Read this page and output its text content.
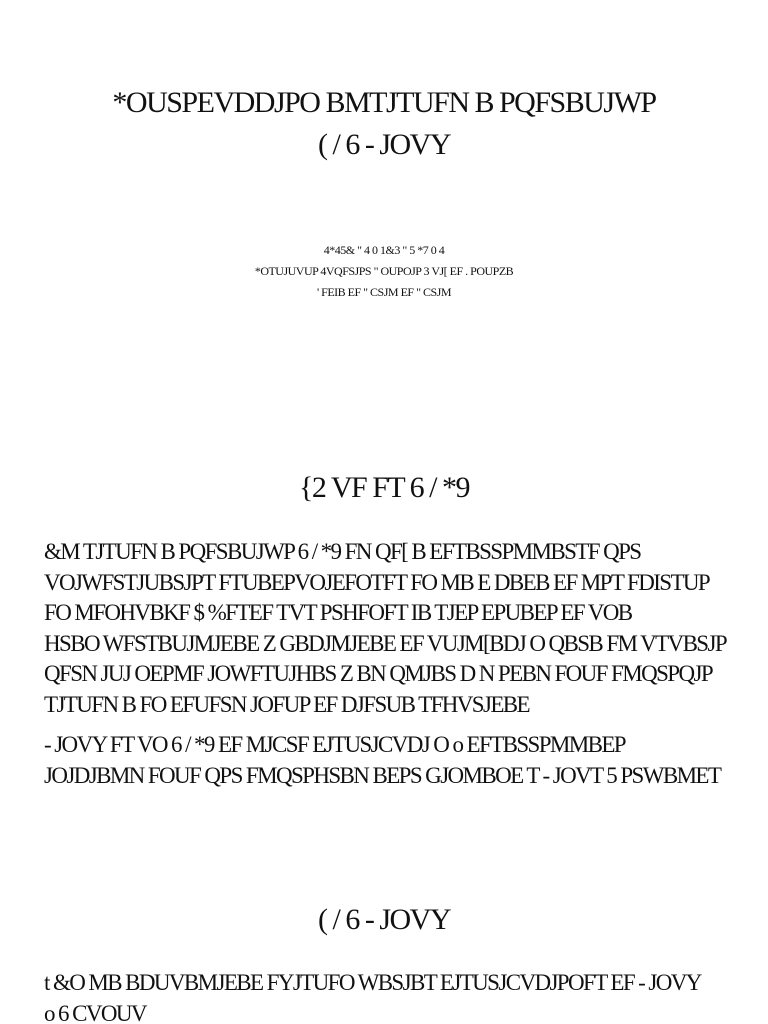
*OUSPEVDDJPO BMTJTUFN B PQFSBUJWP
( / 6 - JOVY
4*45& " 4 0 1&3 " 5 *7 0 4
*OTUJUVUP 4VQFSJPS " OUPOJP 3 VJ[ EF . POUPZB
' FEIB EF " CSJM EF " CSJM
{2 VF FT 6 / *9
&M TJTUFN B PQFSBUJWP 6 / *9 FN QF[ B EFTBSSPMMBSTF QPS
VOJWFSTJUBSJPT FTUBEPVOJEFOTFT FO MB E DBEB EF MPT FDISTUP
FO MFOHVBKF $ %FTEF TVT PSHFOFT IB TJEP EPUBEP EF VOB
HSBO WFSTBUJMJEBE Z GBDJMJEBE EF VUJM[BDJ O QBSB FM VTVBSJP
QFSN JUJ OEPMF JOWFTUJHBS Z BN QMJBS D N PEBN FOUF FMQSPQJP
TJTUFN B FO EFUFSN JOFUP EF DJFSUB TFHVSJEBE
- JOVY FT VO 6 / *9 EF MJCSF EJTUSJCVDJ O o EFTBSSPMMBEP
JOJDJBMN FOUF QPS FMQSPHSBN BEPS GJOMBOE T - JOVT 5 PSWBMET
( / 6 - JOVY
t &O MB BDUVBMJEBE FYJTUFO WBSJBT EJTUSJCVDJPOFT EF - JOVY
o 6 CVOUV
